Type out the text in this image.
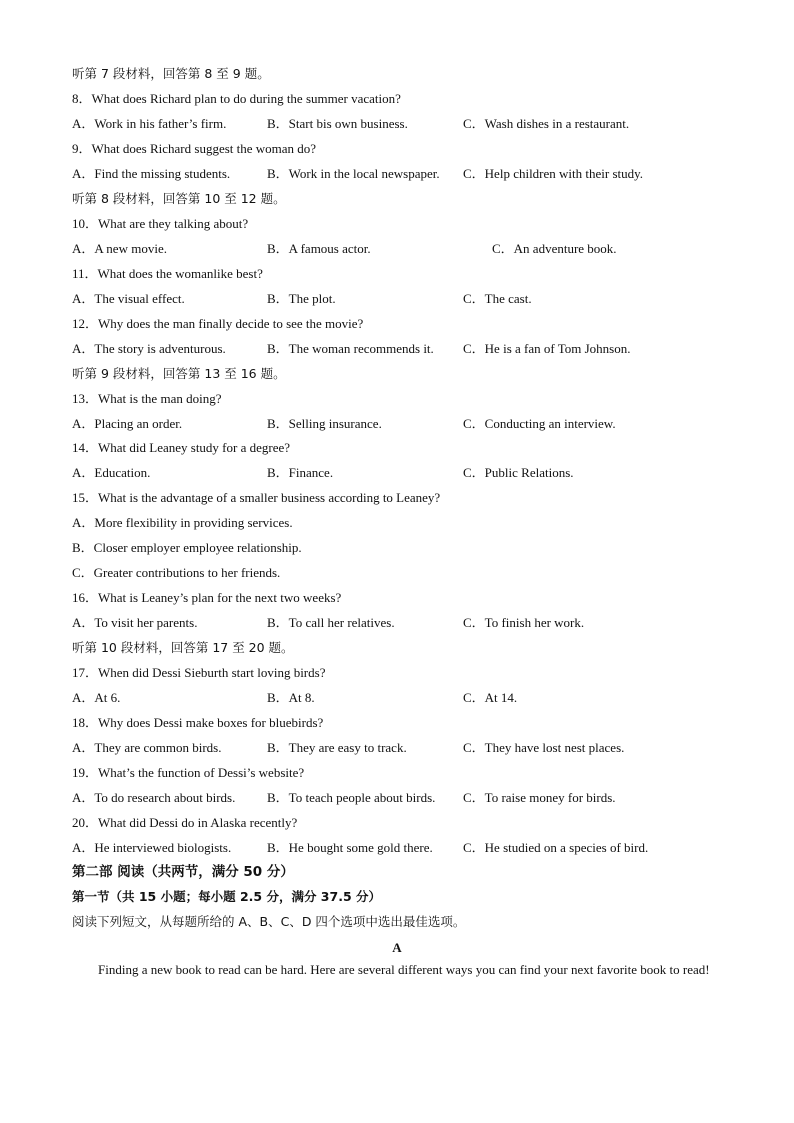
听第 7 段材料，回答第 8 至 9 题。
8．What does Richard plan to do during the summer vacation?
A．Work in his father’s firm.	B．Start bis own business.	C．Wash dishes in a restaurant.
9．What does Richard suggest the woman do?
A．Find the missing students.	B．Work in the local newspaper. C．Help children with their study.
听第 8 段材料，回答第 10 至 12 题。
10．What are they talking about?
A．A new movie.	B．A famous actor.	C．An adventure book.
11．What does the womanlike best?
A．The visual effect.	B．The plot.	C．The cast.
12．Why does the man finally decide to see the movie?
A．The story is adventurous.	B．The woman recommends it. C．He is a fan of Tom Johnson.
听第 9 段材料，回答第 13 至 16 题。
13．What is the man doing?
A．Placing an order.	B．Selling insurance.	C．Conducting an interview.
14．What did Leaney study for a degree?
A．Education.	B．Finance.	C．Public Relations.
15．What is the advantage of a smaller business according to Leaney?
A．More flexibility in providing services.
B．Closer employer employee relationship.
C．Greater contributions to her friends.
16．What is Leaney’s plan for the next two weeks?
A．To visit her parents.	B．To call her relatives.	C．To finish her work.
听第 10 段材料，回答第 17 至 20 题。
17．When did Dessi Sieburth start loving birds?
A．At 6.	B．At 8.	C．At 14.
18．Why does Dessi make boxes for bluebirds?
A．They are common birds.	B．They are easy to track.	C．They have lost nest places.
19．What’s the function of Dessi’s website?
A．To do research about birds. B．To teach people about birds. C．To raise money for birds.
20．What did Dessi do in Alaska recently?
A．He interviewed biologists.	B．He bought some gold there. C．He studied on a species of bird.
第二部 阅读（共两节，满分 50 分）
第一节（共 15 小题；每小题 2.5 分，满分 37.5 分）
阅读下列短文，从每题所给的 A、B、C、D 四个选项中选出最佳选项。
A
Finding a new book to read can be hard. Here are several different ways you can find your next favorite book to read!
